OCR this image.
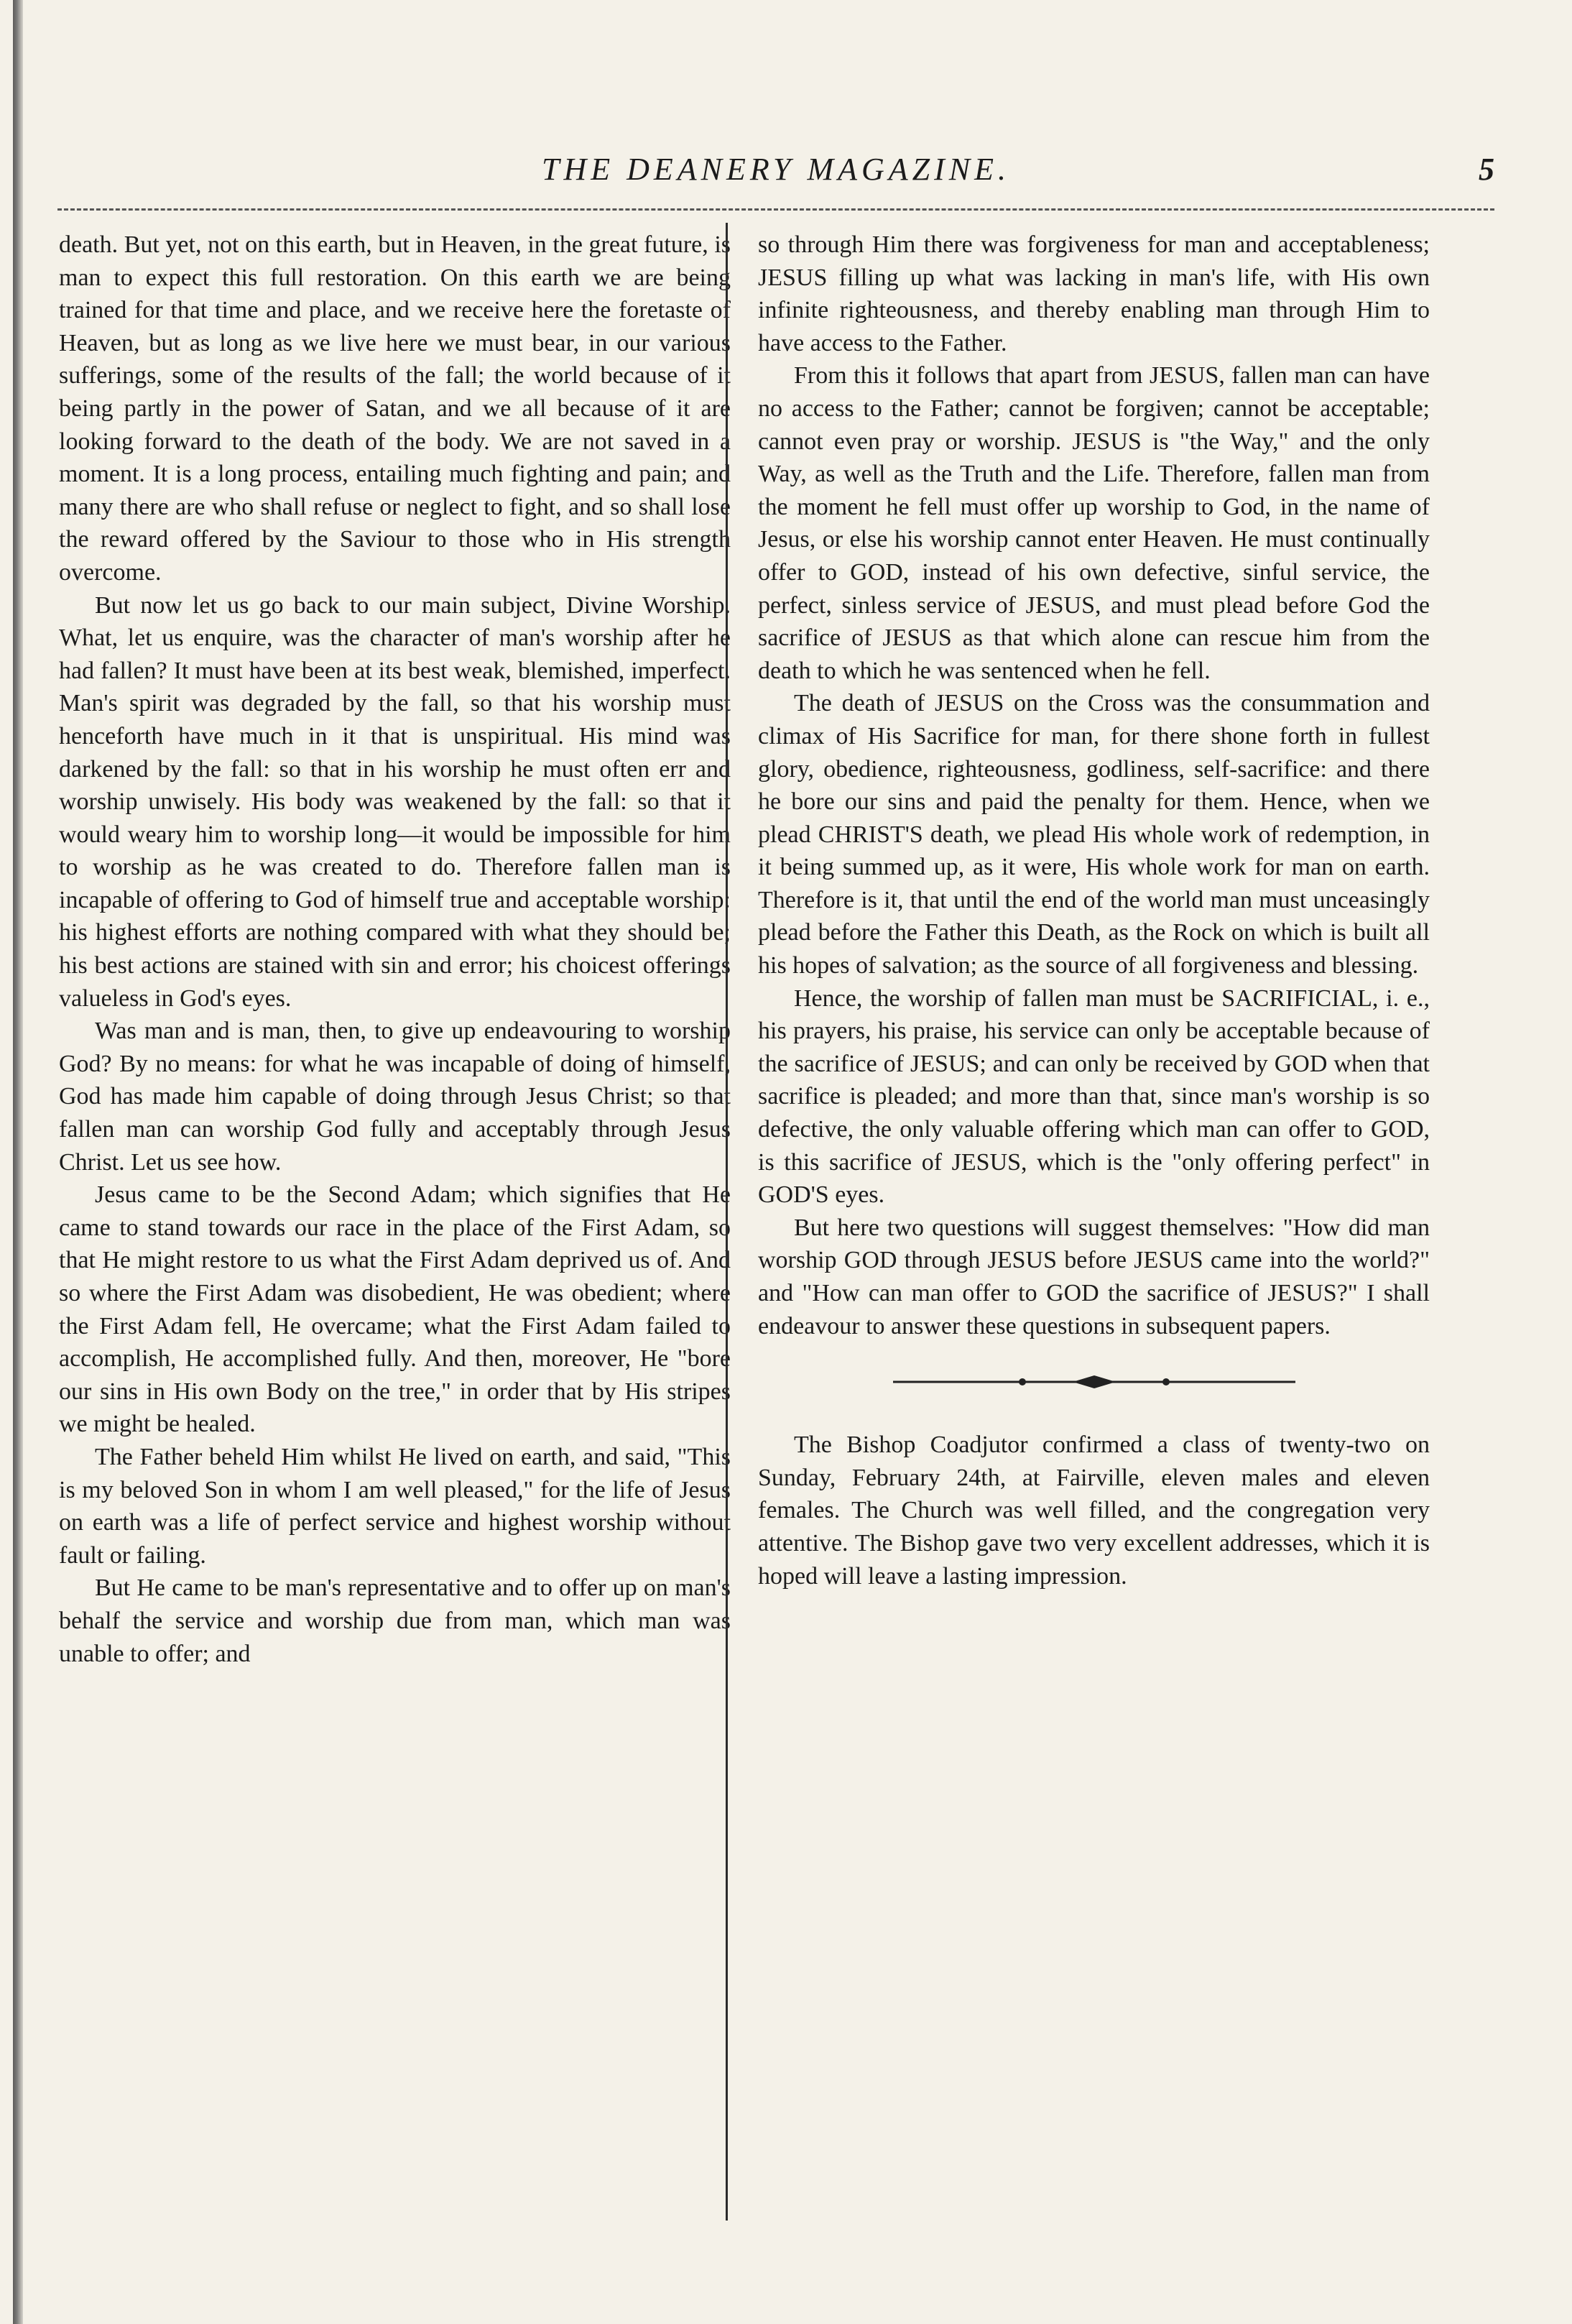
THE DEANERY MAGAZINE.	5

death. But yet, not on this earth, but in Heaven, in the great future, is man to expect this full restoration. On this earth we are being trained for that time and place, and we receive here the foretaste of Heaven, but as long as we live here we must bear, in our various sufferings, some of the results of the fall; the world because of it being partly in the power of Satan, and we all because of it are looking forward to the death of the body. We are not saved in a moment. It is a long process, entailing much fighting and pain; and many there are who shall refuse or neglect to fight, and so shall lose the reward offered by the Saviour to those who in His strength overcome.

But now let us go back to our main subject, Divine Worship. What, let us enquire, was the character of man's worship after he had fallen? It must have been at its best weak, blemished, imperfect. Man's spirit was degraded by the fall, so that his worship must henceforth have much in it that is unspiritual. His mind was darkened by the fall: so that in his worship he must often err and worship unwisely. His body was weakened by the fall: so that it would weary him to worship long—it would be impossible for him to worship as he was created to do. Therefore fallen man is incapable of offering to God of himself true and acceptable worship: his highest efforts are nothing compared with what they should be; his best actions are stained with sin and error; his choicest offerings valueless in God's eyes.

Was man and is man, then, to give up endeavouring to worship God? By no means: for what he was incapable of doing of himself, God has made him capable of doing through Jesus Christ; so that fallen man can worship God fully and acceptably through Jesus Christ. Let us see how.

Jesus came to be the Second Adam; which signifies that He came to stand towards our race in the place of the First Adam, so that He might restore to us what the First Adam deprived us of. And so where the First Adam was disobedient, He was obedient; where the First Adam fell, He overcame; what the First Adam failed to accomplish, He accomplished fully. And then, moreover, He "bore our sins in His own Body on the tree," in order that by His stripes we might be healed.

The Father beheld Him whilst He lived on earth, and said, "This is my beloved Son in whom I am well pleased," for the life of Jesus on earth was a life of perfect service and highest worship without fault or failing.

But He came to be man's representative and to offer up on man's behalf the service and worship due from man, which man was unable to offer; and

so through Him there was forgiveness for man and acceptableness; JESUS filling up what was lacking in man's life, with His own infinite righteousness, and thereby enabling man through Him to have access to the Father.

From this it follows that apart from JESUS, fallen man can have no access to the Father; cannot be forgiven; cannot be acceptable; cannot even pray or worship. JESUS is "the Way," and the only Way, as well as the Truth and the Life. Therefore, fallen man from the moment he fell must offer up worship to God, in the name of Jesus, or else his worship cannot enter Heaven. He must continually offer to GOD, instead of his own defective, sinful service, the perfect, sinless service of JESUS, and must plead before God the sacrifice of JESUS as that which alone can rescue him from the death to which he was sentenced when he fell.

The death of JESUS on the Cross was the consummation and climax of His Sacrifice for man, for there shone forth in fullest glory, obedience, righteousness, godliness, self-sacrifice: and there he bore our sins and paid the penalty for them. Hence, when we plead CHRIST'S death, we plead His whole work of redemption, in it being summed up, as it were, His whole work for man on earth. Therefore is it, that until the end of the world man must unceasingly plead before the Father this Death, as the Rock on which is built all his hopes of salvation; as the source of all forgiveness and blessing.

Hence, the worship of fallen man must be SACRIFICIAL, i. e., his prayers, his praise, his service can only be acceptable because of the sacrifice of JESUS; and can only be received by GOD when that sacrifice is pleaded; and more than that, since man's worship is so defective, the only valuable offering which man can offer to GOD, is this sacrifice of JESUS, which is the "only offering perfect" in GOD'S eyes.

But here two questions will suggest themselves: "How did man worship GOD through JESUS before JESUS came into the world?" and "How can man offer to GOD the sacrifice of JESUS?" I shall endeavour to answer these questions in subsequent papers.

The Bishop Coadjutor confirmed a class of twenty-two on Sunday, February 24th, at Fairville, eleven males and eleven females. The Church was well filled, and the congregation very attentive. The Bishop gave two very excellent addresses, which it is hoped will leave a lasting impression.
